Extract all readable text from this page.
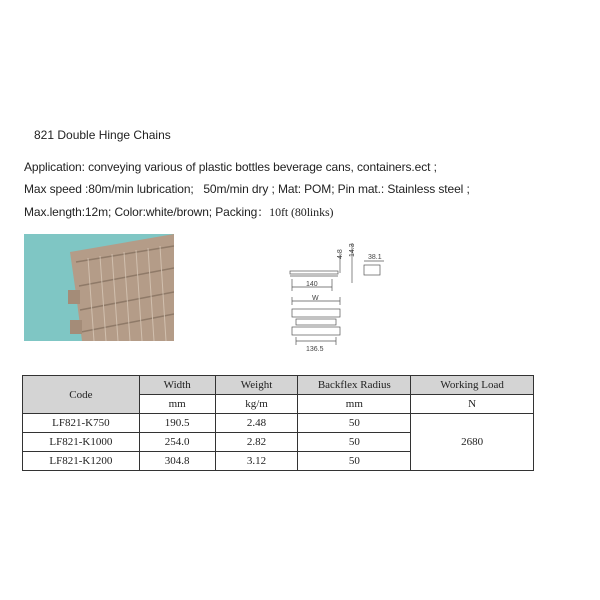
821 Double Hinge Chains
Application: conveying various of plastic bottles beverage cans, containers.ect ;
Max speed :80m/min lubrication; 50m/min dry ; Mat: POM; Pin mat.: Stainless steel ;
Max.length:12m; Color:white/brown; Packing：10ft (80links)
4.8 14.3
38.1
140
W
136.5
Code	Width	Weight	Backflex Radius	Working Load
	mm	kg/m	mm	N
LF821-K750	190.5	2.48	50	2680
LF821-K1000	254.0	2.82	50	
LF821-K1200	304.8	3.12	50	
